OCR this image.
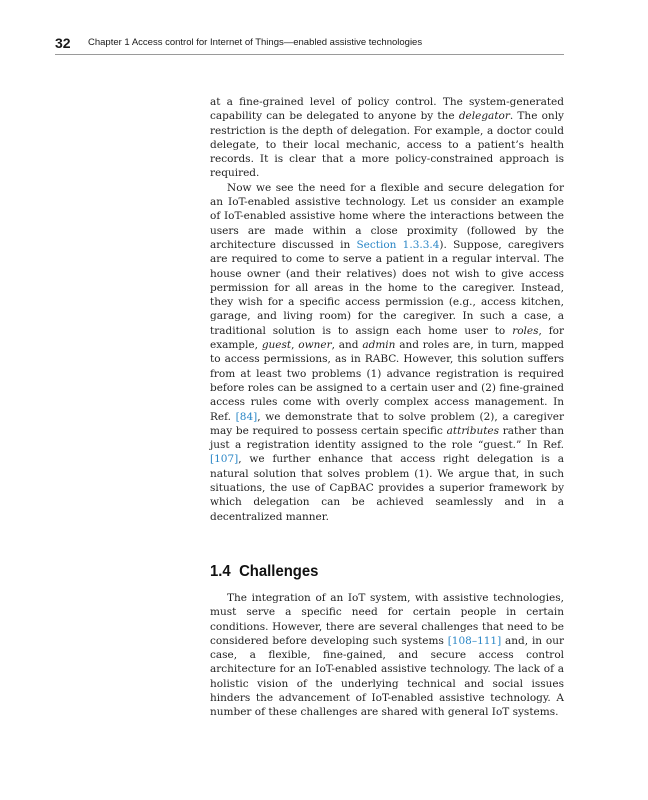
32 Chapter 1 Access control for Internet of Things—enabled assistive technologies

at a fine-grained level of policy control. The system-generated capability can be delegated to anyone by the delegator. The only restriction is the depth of delegation. For example, a doctor could delegate, to their local mechanic, access to a patient’s health records. It is clear that a more policy-constrained approach is required.

Now we see the need for a flexible and secure delegation for an IoT-enabled assistive technology. Let us consider an example of IoT-enabled assistive home where the interactions between the users are made within a close proximity (followed by the architecture discussed in Section 1.3.3.4). Suppose, caregivers are required to come to serve a patient in a regular interval. The house owner (and their relatives) does not wish to give access permission for all areas in the home to the caregiver. Instead, they wish for a specific access permission (e.g., access kitchen, garage, and living room) for the caregiver. In such a case, a traditional solution is to assign each home user to roles, for example, guest, owner, and admin and roles are, in turn, mapped to access permissions, as in RABC. However, this solution suffers from at least two problems (1) advance registration is required before roles can be assigned to a certain user and (2) fine-grained access rules come with overly complex access management. In Ref. [84], we demonstrate that to solve problem (2), a caregiver may be required to possess certain specific attributes rather than just a registration identity assigned to the role “guest.” In Ref. [107], we further enhance that access right delegation is a natural solution that solves problem (1). We argue that, in such situations, the use of CapBAC provides a superior framework by which delegation can be achieved seamlessly and in a decentralized manner.

1.4 Challenges

The integration of an IoT system, with assistive technologies, must serve a specific need for certain people in certain conditions. However, there are several challenges that need to be considered before developing such systems [108–111] and, in our case, a flexible, fine-gained, and secure access control architecture for an IoT-enabled assistive technology. The lack of a holistic vision of the underlying technical and social issues hinders the advancement of IoT-enabled assistive technology. A number of these challenges are shared with general IoT systems.
